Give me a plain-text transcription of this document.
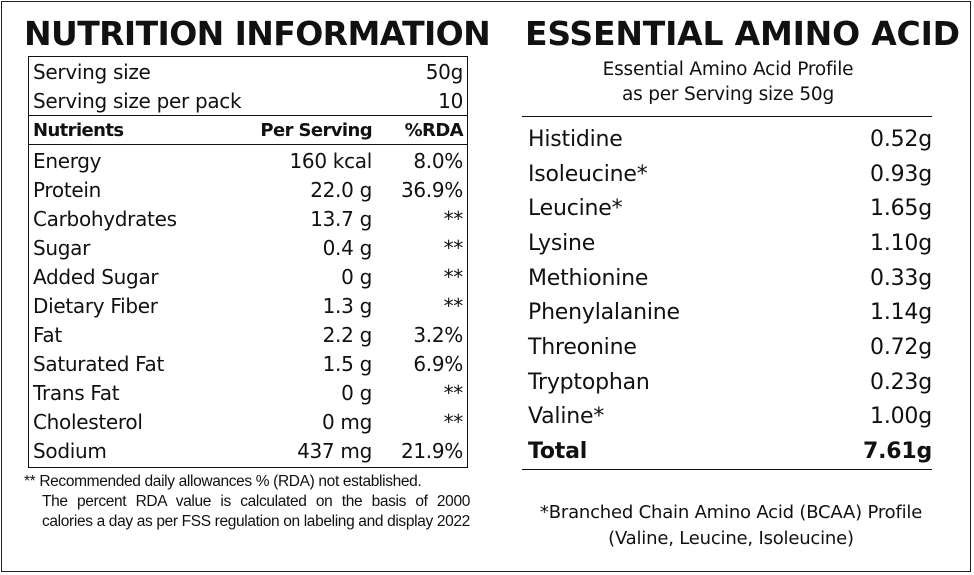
NUTRITION INFORMATION
Serving size	50g
Serving size per pack	10
Nutrients	Per Serving	%RDA
Energy	160 kcal	8.0%
Protein	22.0 g	36.9%
Carbohydrates	13.7 g	**
Sugar	0.4 g	**
Added Sugar	0 g	**
Dietary Fiber	1.3 g	**
Fat	2.2 g	3.2%
Saturated Fat	1.5 g	6.9%
Trans Fat	0 g	**
Cholesterol	0 mg	**
Sodium	437 mg	21.9%
** Recommended daily allowances % (RDA) not established.
The percent RDA value is calculated on the basis of 2000 calories a day as per FSS regulation on labeling and display 2022
ESSENTIAL AMINO ACID
Essential Amino Acid Profile
as per Serving size 50g
Histidine	0.52g
Isoleucine*	0.93g
Leucine*	1.65g
Lysine	1.10g
Methionine	0.33g
Phenylalanine	1.14g
Threonine	0.72g
Tryptophan	0.23g
Valine*	1.00g
Total	7.61g
*Branched Chain Amino Acid (BCAA) Profile
(Valine, Leucine, Isoleucine)
